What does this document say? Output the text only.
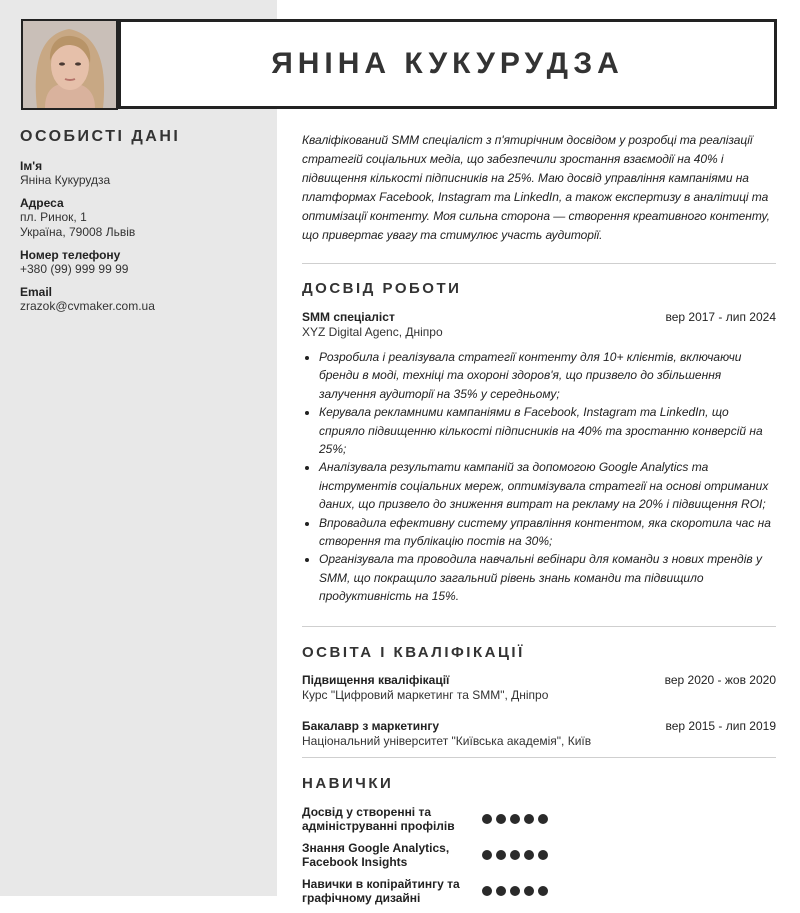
ЯНІНА КУКУРУДЗА
ОСОБИСТІ ДАНІ
Ім'я
Яніна Кукурудза
Адреса
пл. Ринок, 1
Україна, 79008 Львів
Номер телефону
+380 (99) 999 99 99
Email
zrazok@cvmaker.com.ua

Кваліфікований SMM спеціаліст з п'ятирічним досвідом у розробці та реалізації стратегій соціальних медіа, що забезпечили зростання взаємодії на 40% і підвищення кількості підписників на 25%. Маю досвід управління кампаніями на платформах Facebook, Instagram та LinkedIn, а також експертизу в аналітиці та оптимізації контенту. Моя сильна сторона — створення креативного контенту, що привертає увагу та стимулює участь аудиторії.

ДОСВІД РОБОТИ
SMM спеціаліст	вер 2017 - лип 2024
XYZ Digital Agenc, Дніпро
• Розробила і реалізувала стратегії контенту для 10+ клієнтів, включаючи бренди в моді, техніці та охороні здоров'я, що призвело до збільшення залучення аудиторії на 35% у середньому;
• Керувала рекламними кампаніями в Facebook, Instagram та LinkedIn, що сприяло підвищенню кількості підписників на 40% та зростанню конверсій на 25%;
• Аналізувала результати кампаній за допомогою Google Analytics та інструментів соціальних мереж, оптимізувала стратегії на основі отриманих даних, що призвело до зниження витрат на рекламу на 20% і підвищення ROI;
• Впровадила ефективну систему управління контентом, яка скоротила час на створення та публікацію постів на 30%;
• Організувала та проводила навчальні вебінари для команди з нових трендів у SMM, що покращило загальний рівень знань команди та підвищило продуктивність на 15%.
ОСВІТА І КВАЛІФІКАЦІЇ
Підвищення кваліфікації	вер 2020 - жов 2020
Курс "Цифровий маркетинг та SMM", Дніпро
Бакалавр з маркетингу	вер 2015 - лип 2019
Національний університет "Київська академія", Київ
НАВИЧКИ
Досвід у створенні та адмініструванні профілів
Знання Google Analytics, Facebook Insights
Навички в копірайтингу та графічному дизайні
